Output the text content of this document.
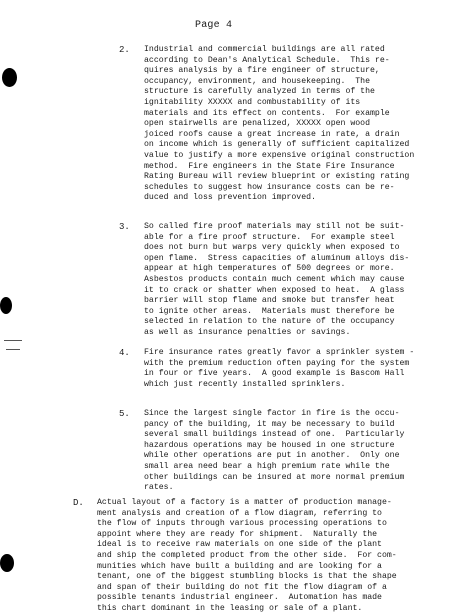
Page 4
2. Industrial and commercial buildings are all rated
according to Dean's Analytical Schedule.  This re-
quires analysis by a fire engineer of structure,
occupancy, environment, and housekeeping.  The
structure is carefully analyzed in terms of the
ignitability XXXXX and combustability of its
materials and its effect on contents.  For example
open stairwells are penalized, XXXXX open wood
joiced roofs cause a great increase in rate, a drain
on income which is generally of sufficient capitalized
value to justify a more expensive original construction
method.  Fire engineers in the State Fire Insurance
Rating Bureau will review blueprint or existing rating
schedules to suggest how insurance costs can be re-
duced and loss prevention improved.
3. So called fire proof materials may still not be suit-
able for a fire proof structure.  For example steel
does not burn but warps very quickly when exposed to
open flame.  Stress capacities of aluminum alloys dis-
appear at high temperatures of 500 degrees or more.
Asbestos products contain much cement which may cause
it to crack or shatter when exposed to heat.  A glass
barrier will stop flame and smoke but transfer heat
to ignite other areas.  Materials must therefore be
selected in relation to the nature of the occupancy
as well as insurance penalties or savings.
4. Fire insurance rates greatly favor a sprinkler system -
with the premium reduction often paying for the system
in four or five years.  A good example is Bascom Hall
which just recently installed sprinklers.
5. Since the largest single factor in fire is the occu-
pancy of the building, it may be necessary to build
several small buildings instead of one.  Particularly
hazardous operations may be housed in one structure
while other operations are put in another.  Only one
small area need bear a high premium rate while the
other buildings can be insured at more normal premium
rates.
D. Actual layout of a factory is a matter of production manage-
ment analysis and creation of a flow diagram, referring to
the flow of inputs through various processing operations to
appoint where they are ready for shipment.  Naturally the
ideal is to receive raw materials on one side of the plant
and ship the completed product from the other side.  For com-
munities which have built a building and are looking for a
tenant, one of the biggest stumbling blocks is that the shape
and span of their building do not fit the flow diagram of a
possible tenants industrial engineer.  Automation has made
this chart dominant in the leasing or sale of a plant.
